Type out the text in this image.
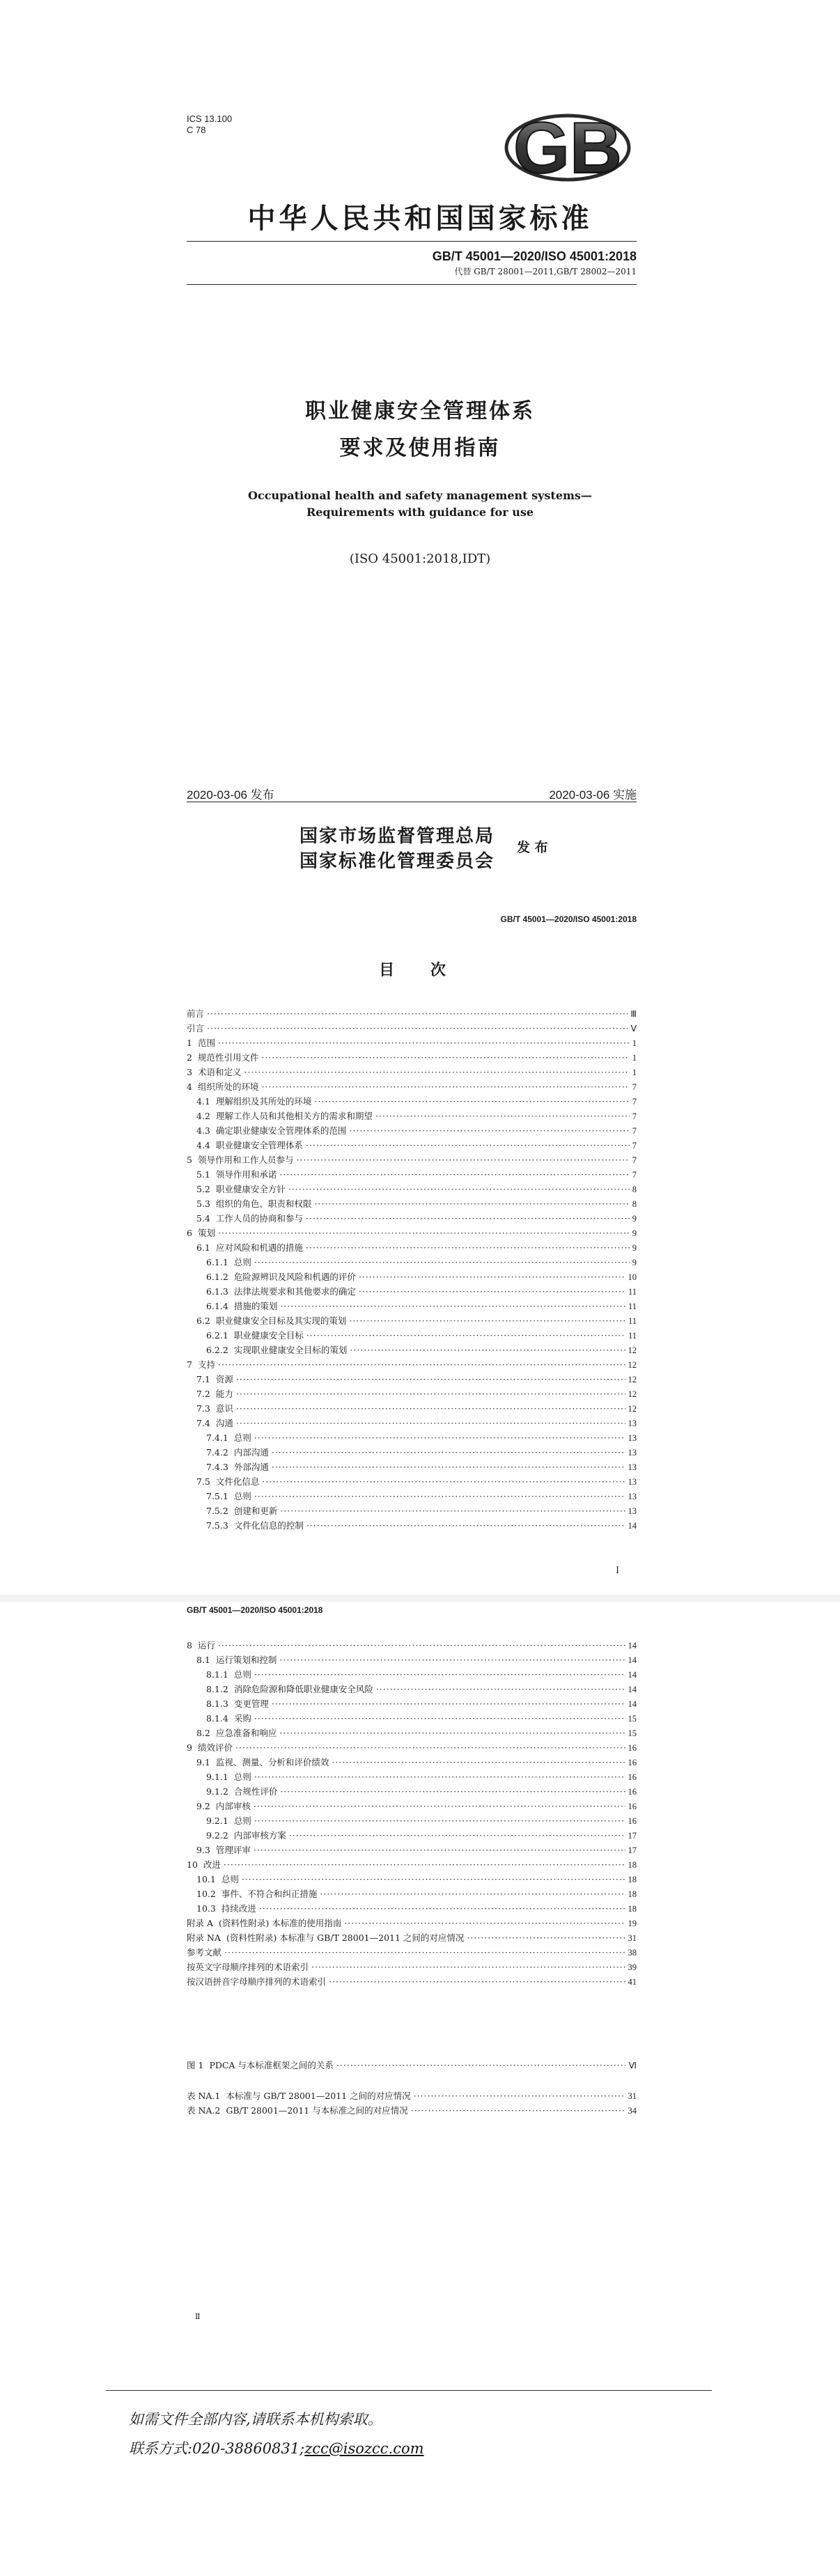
ICS 13.100
C 78	GB
中华人民共和国国家标准
GB/T 45001—2020/ISO 45001:2018
代替 GB/T 28001—2011,GB/T 28002—2011
职业健康安全管理体系
要求及使用指南
Occupational health and safety management systems—
Requirements with guidance for use
(ISO 45001:2018,IDT)
2020-03-06 发布	2020-03-06 实施
国家市场监督管理总局
国家标准化管理委员会
发 布
GB/T 45001—2020/ISO 45001:2018
目 次
前言 ·····	Ⅲ
引言 ·····	Ⅴ
1 范围 ·····	1
2 规范性引用文件 ·····	1
3 术语和定义 ·····	1
4 组织所处的环境 ·····	7
4.1 理解组织及其所处的环境 ·····	7
4.2 理解工作人员和其他相关方的需求和期望 ·····	7
4.3 确定职业健康安全管理体系的范围 ·····	7
4.4 职业健康安全管理体系 ·····	7
5 领导作用和工作人员参与 ·····	7
5.1 领导作用和承诺 ·····	7
5.2 职业健康安全方针 ·····	8
5.3 组织的角色、职责和权限 ·····	8
5.4 工作人员的协商和参与 ·····	9
6 策划 ·····	9
6.1 应对风险和机遇的措施 ·····	9
6.1.1 总则 ·····	9
6.1.2 危险源辨识及风险和机遇的评价 ·····	10
6.1.3 法律法规要求和其他要求的确定 ·····	11
6.1.4 措施的策划 ·····	11
6.2 职业健康安全目标及其实现的策划 ·····	11
6.2.1 职业健康安全目标 ·····	11
6.2.2 实现职业健康安全目标的策划 ·····	12
7 支持 ·····	12
7.1 资源 ·····	12
7.2 能力 ·····	12
7.3 意识 ·····	12
7.4 沟通 ·····	13
7.4.1 总则 ·····	13
7.4.2 内部沟通 ·····	13
7.4.3 外部沟通 ·····	13
7.5 文件化信息 ·····	13
7.5.1 总则 ·····	13
7.5.2 创建和更新 ·····	13
7.5.3 文件化信息的控制 ·····	14
Ⅰ
GB/T 45001—2020/ISO 45001:2018
8 运行 ·····	14
8.1 运行策划和控制 ·····	14
8.1.1 总则 ·····	14
8.1.2 消除危险源和降低职业健康安全风险 ·····	14
8.1.3 变更管理 ·····	14
8.1.4 采购 ·····	15
8.2 应急准备和响应 ·····	15
9 绩效评价 ·····	16
9.1 监视、测量、分析和评价绩效 ·····	16
9.1.1 总则 ·····	16
9.1.2 合规性评价 ·····	16
9.2 内部审核 ·····	16
9.2.1 总则 ·····	16
9.2.2 内部审核方案 ·····	17
9.3 管理评审 ·····	17
10 改进 ·····	18
10.1 总则 ·····	18
10.2 事件、不符合和纠正措施 ·····	18
10.3 持续改进 ·····	18
附录 A (资料性附录) 本标准的使用指南 ·····	19
附录 NA (资料性附录) 本标准与 GB/T 28001—2011 之间的对应情况 ·····	31
参考文献 ·····	38
按英文字母顺序排列的术语索引 ·····	39
按汉语拼音字母顺序排列的术语索引 ·····	41
图 1 PDCA 与本标准框架之间的关系 ·····	Ⅵ
表 NA.1 本标准与 GB/T 28001—2011 之间的对应情况 ·····	31
表 NA.2 GB/T 28001—2011 与本标准之间的对应情况 ·····	34
Ⅱ
如需文件全部内容,请联系本机构索取。
联系方式:020-38860831;zcc@isozcc.com
